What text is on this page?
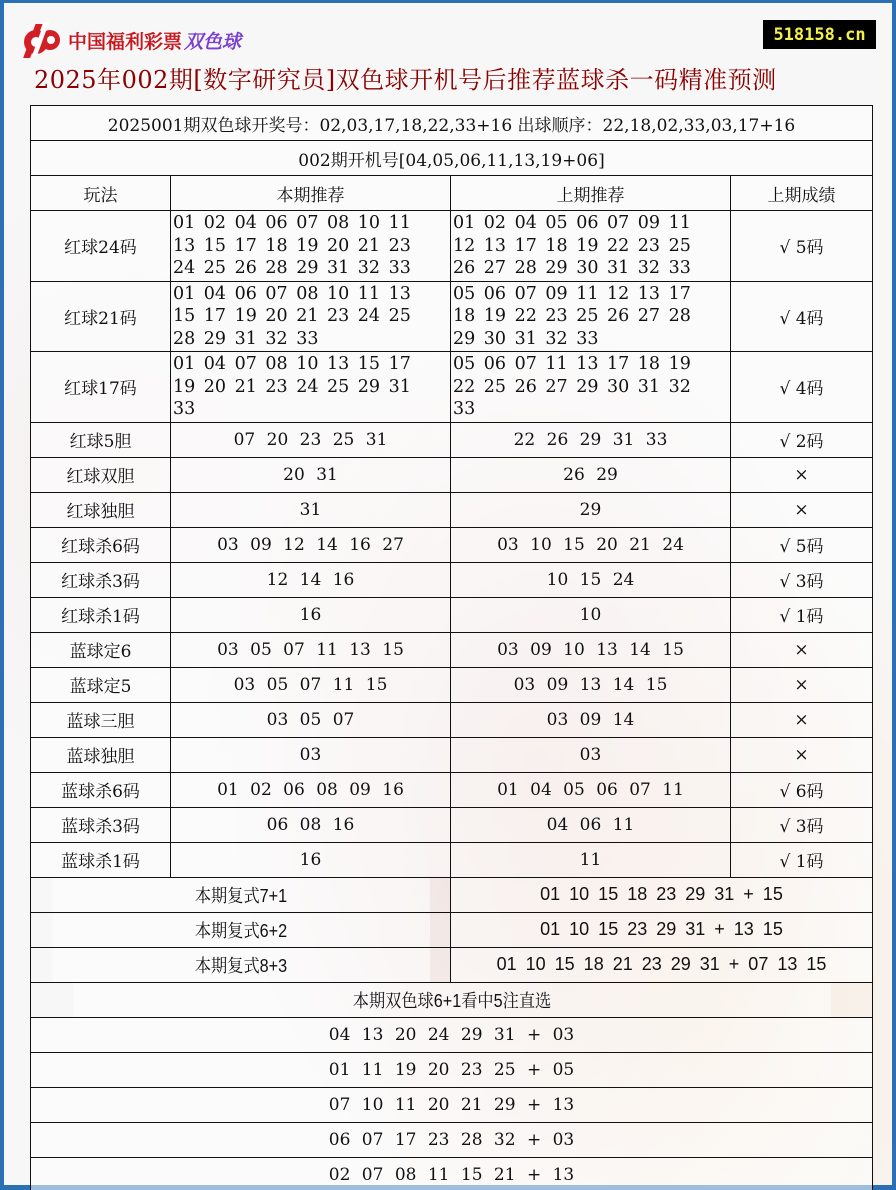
中国福利彩票 双色球	518158.cn
2025年002期[数字研究员]双色球开机号后推荐蓝球杀一码精准预测
2025001期双色球开奖号：02,03,17,18,22,33+16 出球顺序：22,18,02,33,03,17+16			
002期开机号[04,05,06,11,13,19+06]			
玩法	本期推荐	上期推荐	上期成绩
红球24码	01 02 04 06 07 08 10 1113 15 17 18 19 20 21 2324 25 26 28 29 31 32 33	01 02 04 05 06 07 09 1112 13 17 18 19 22 23 2526 27 28 29 30 31 32 33	√ 5码
红球21码	01 04 06 07 08 10 11 1315 17 19 20 21 23 24 2528 29 31 32 33	05 06 07 09 11 12 13 1718 19 22 23 25 26 27 2829 30 31 32 33	√ 4码
红球17码	01 04 07 08 10 13 15 1719 20 21 23 24 25 29 3133	05 06 07 11 13 17 18 1922 25 26 27 29 30 31 3233	√ 4码
红球5胆	07 20 23 25 31	22 26 29 31 33	√ 2码
红球双胆	20 31	26 29	×
红球独胆	31	29	×
红球杀6码	03 09 12 14 16 27	03 10 15 20 21 24	√ 5码
红球杀3码	12 14 16	10 15 24	√ 3码
红球杀1码	16	10	√ 1码
蓝球定6	03 05 07 11 13 15	03 09 10 13 14 15	×
蓝球定5	03 05 07 11 15	03 09 13 14 15	×
蓝球三胆	03 05 07	03 09 14	×
蓝球独胆	03	03	×
蓝球杀6码	01 02 06 08 09 16	01 04 05 06 07 11	√ 6码
蓝球杀3码	06 08 16	04 06 11	√ 3码
蓝球杀1码	16	11	√ 1码
本期复式7+1		01 10 15 18 23 29 31 + 15	
本期复式6+2		01 10 15 23 29 31 + 13 15	
本期复式8+3		01 10 15 18 21 23 29 31 + 07 13 15	
本期双色球6+1看中5注直选			
04 13 20 24 29 31 + 03			
01 11 19 20 23 25 + 05			
07 10 11 20 21 29 + 13			
06 07 17 23 28 32 + 03			
02 07 08 11 15 21 + 13			
